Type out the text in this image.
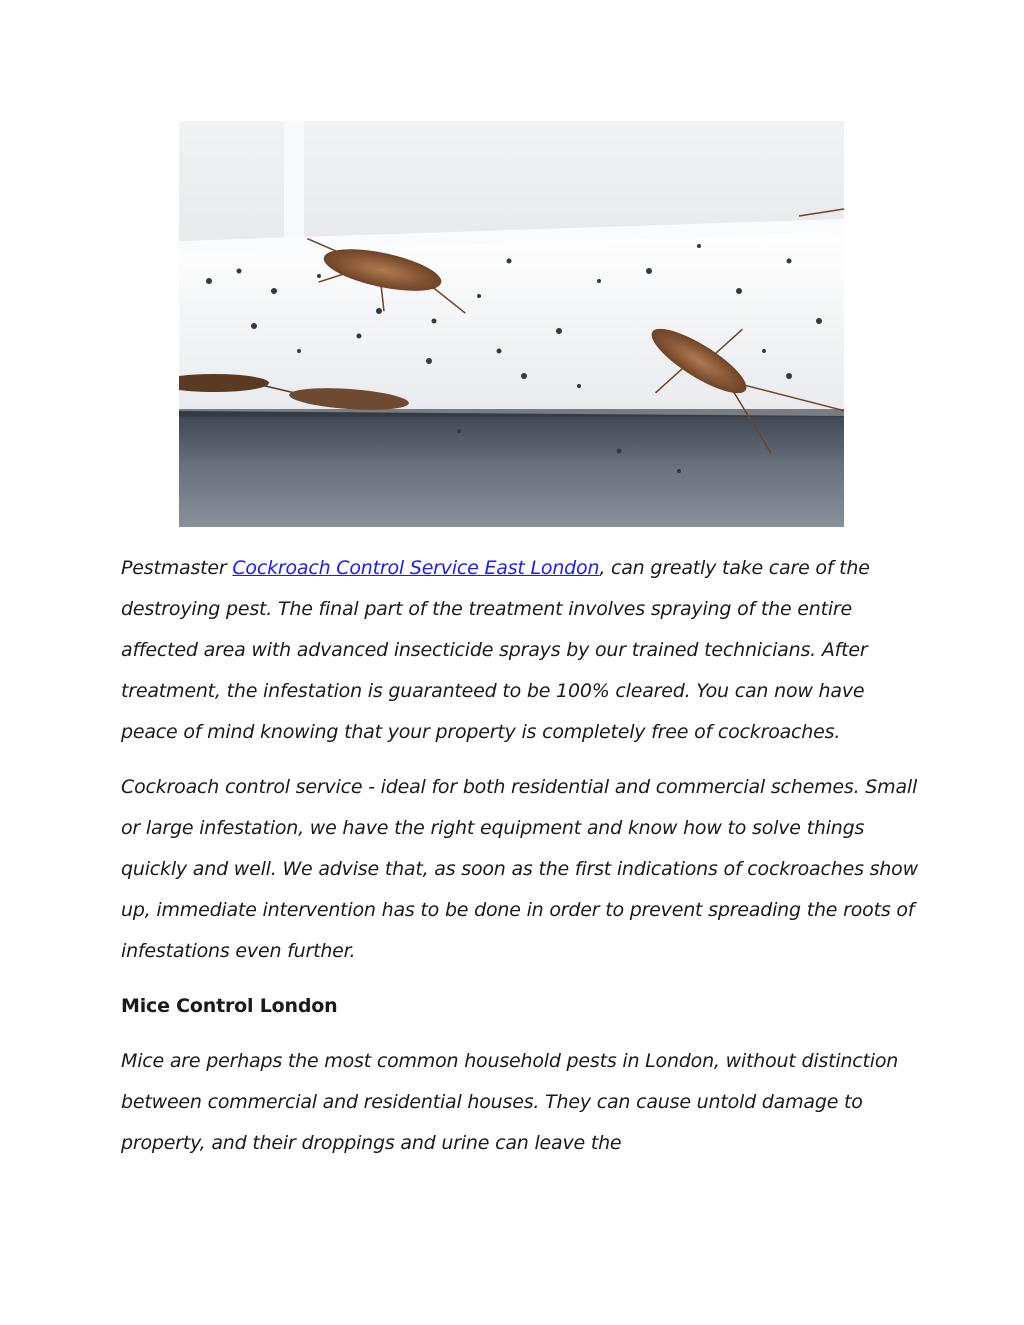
Pestmaster Cockroach Control Service East London, can greatly take care of the destroying pest. The final part of the treatment involves spraying of the entire affected area with advanced insecticide sprays by our trained technicians. After treatment, the infestation is guaranteed to be 100% cleared. You can now have peace of mind knowing that your property is completely free of cockroaches.

Cockroach control service - ideal for both residential and commercial schemes. Small or large infestation, we have the right equipment and know how to solve things quickly and well. We advise that, as soon as the first indications of cockroaches show up, immediate intervention has to be done in order to prevent spreading the roots of infestations even further.

Mice Control London

Mice are perhaps the most common household pests in London, without distinction between commercial and residential houses. They can cause untold damage to property, and their droppings and urine can leave the
